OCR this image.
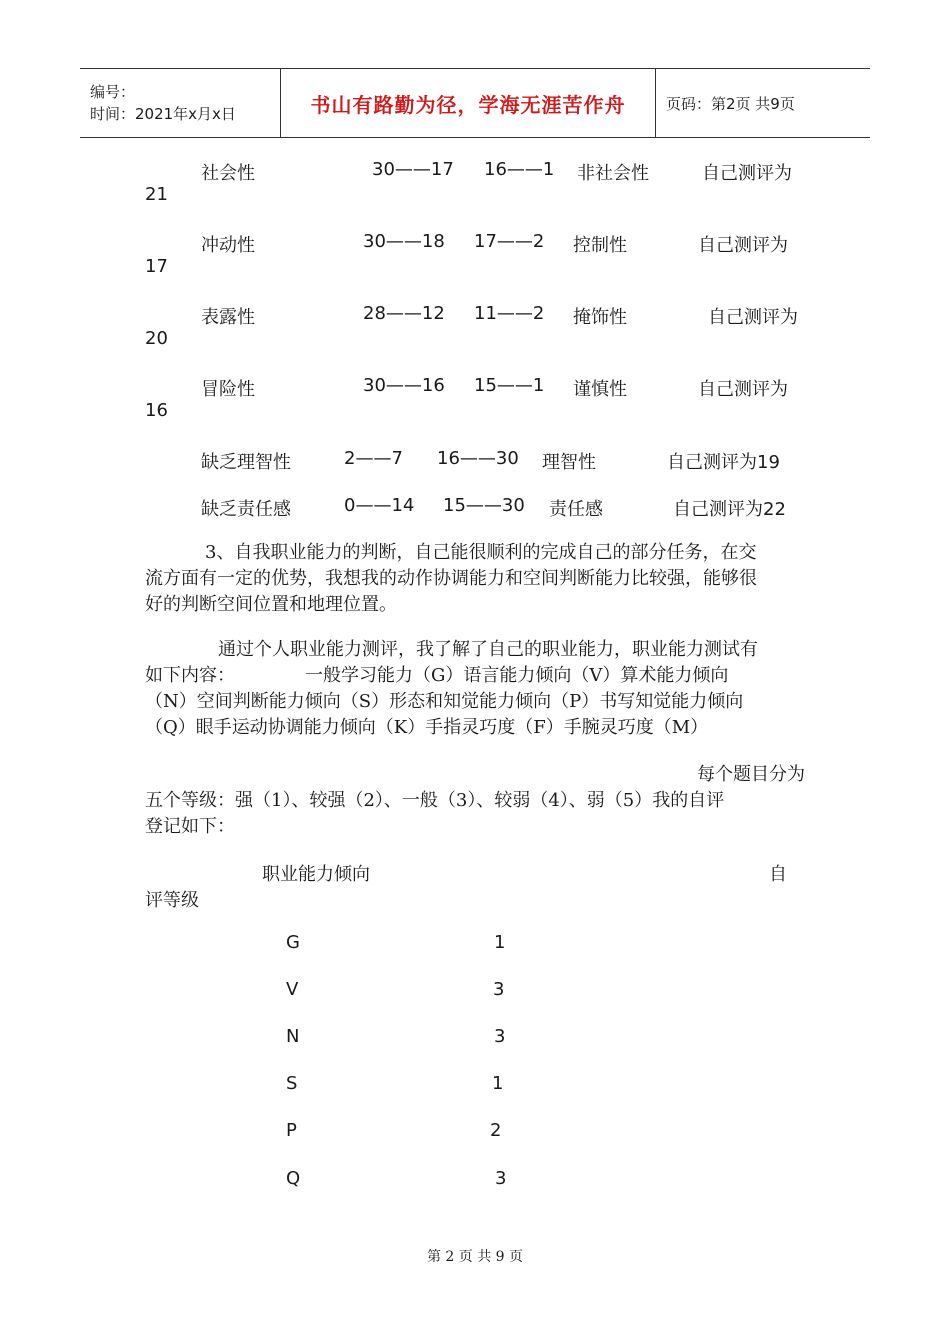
编号：
时间：2021年x月x日	书山有路勤为径，学海无涯苦作舟	页码：第2页 共9页
社会性	30——17 16——1 非社会性	自己测评为
21
冲动性	30——18 17——2 控制性	自己测评为
17
表露性	28——12 11——2 掩饰性	自己测评为
20
冒险性	30——16 15——1 谨慎性	自己测评为
16
缺乏理智性	2——7 16——30 理智性	自己测评为19
缺乏责任感	0——14 15——30 责任感	自己测评为22
3、自我职业能力的判断，自己能很顺利的完成自己的部分任务，在交
流方面有一定的优势，我想我的动作协调能力和空间判断能力比较强，能够很
好的判断空间位置和地理位置。
通过个人职业能力测评，我了解了自己的职业能力，职业能力测试有
如下内容：	一般学习能力（G）语言能力倾向（V）算术能力倾向
（N）空间判断能力倾向（S）形态和知觉能力倾向（P）书写知觉能力倾向
（Q）眼手运动协调能力倾向（K）手指灵巧度（F）手腕灵巧度（M）
每个题目分为
五个等级：强（1）、较强（2）、一般（3）、较弱（4）、弱（5）我的自评
登记如下：
职业能力倾向	自
评等级
G	1
V	3
N	3
S	1
P	2
Q	3
第 2 页 共 9 页
